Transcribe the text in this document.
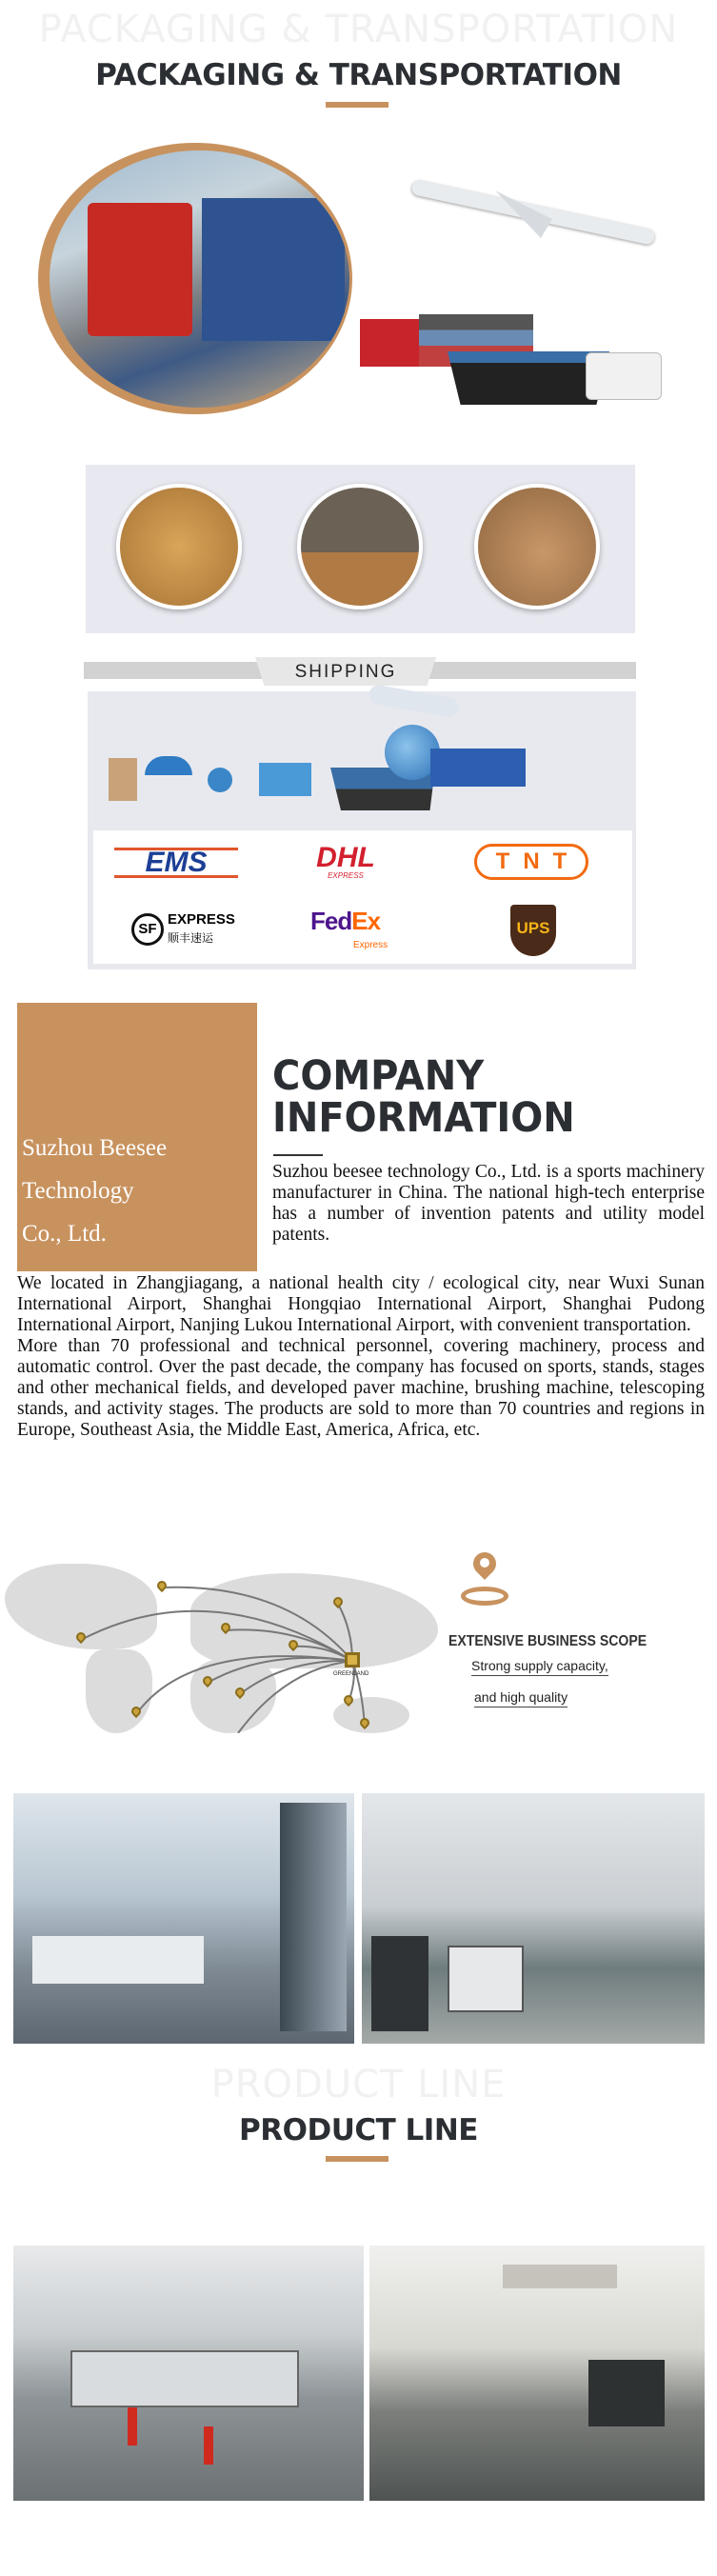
PACKAGING & TRANSPORTATION
PACKAGING & TRANSPORTATION
SHIPPING
EMS	DHL
EXPRESS
TNT
SF
EXPRESS
顺丰速运
FedEx
Express
UPS
Suzhou Beesee
Technology
Co., Ltd.
COMPANY
INFORMATION

Suzhou beesee technology Co., Ltd. is a sports machinery manufacturer in China. The national high-tech enterprise has a number of invention patents and utility model patents.

We located in Zhangjiagang, a national health city / ecological city, near Wuxi Sunan International Airport, Shanghai Hongqiao International Airport, Shanghai Pudong International Airport, Nanjing Lukou International Airport, with convenient transportation.

More than 70 professional and technical personnel, covering machinery, process and automatic control. Over the past decade, the company has focused on sports, stands, stages and other mechanical fields, and developed paver machine, brushing machine, telescoping stands, and activity stages. The products are sold to more than 70 countries and regions in Europe, Southeast Asia, the Middle East, America, Africa, etc.

GREENLAND
EXTENSIVE BUSINESS SCOPE
Strong supply capacity,
and high quality
PRODUCT LINE
PRODUCT LINE
